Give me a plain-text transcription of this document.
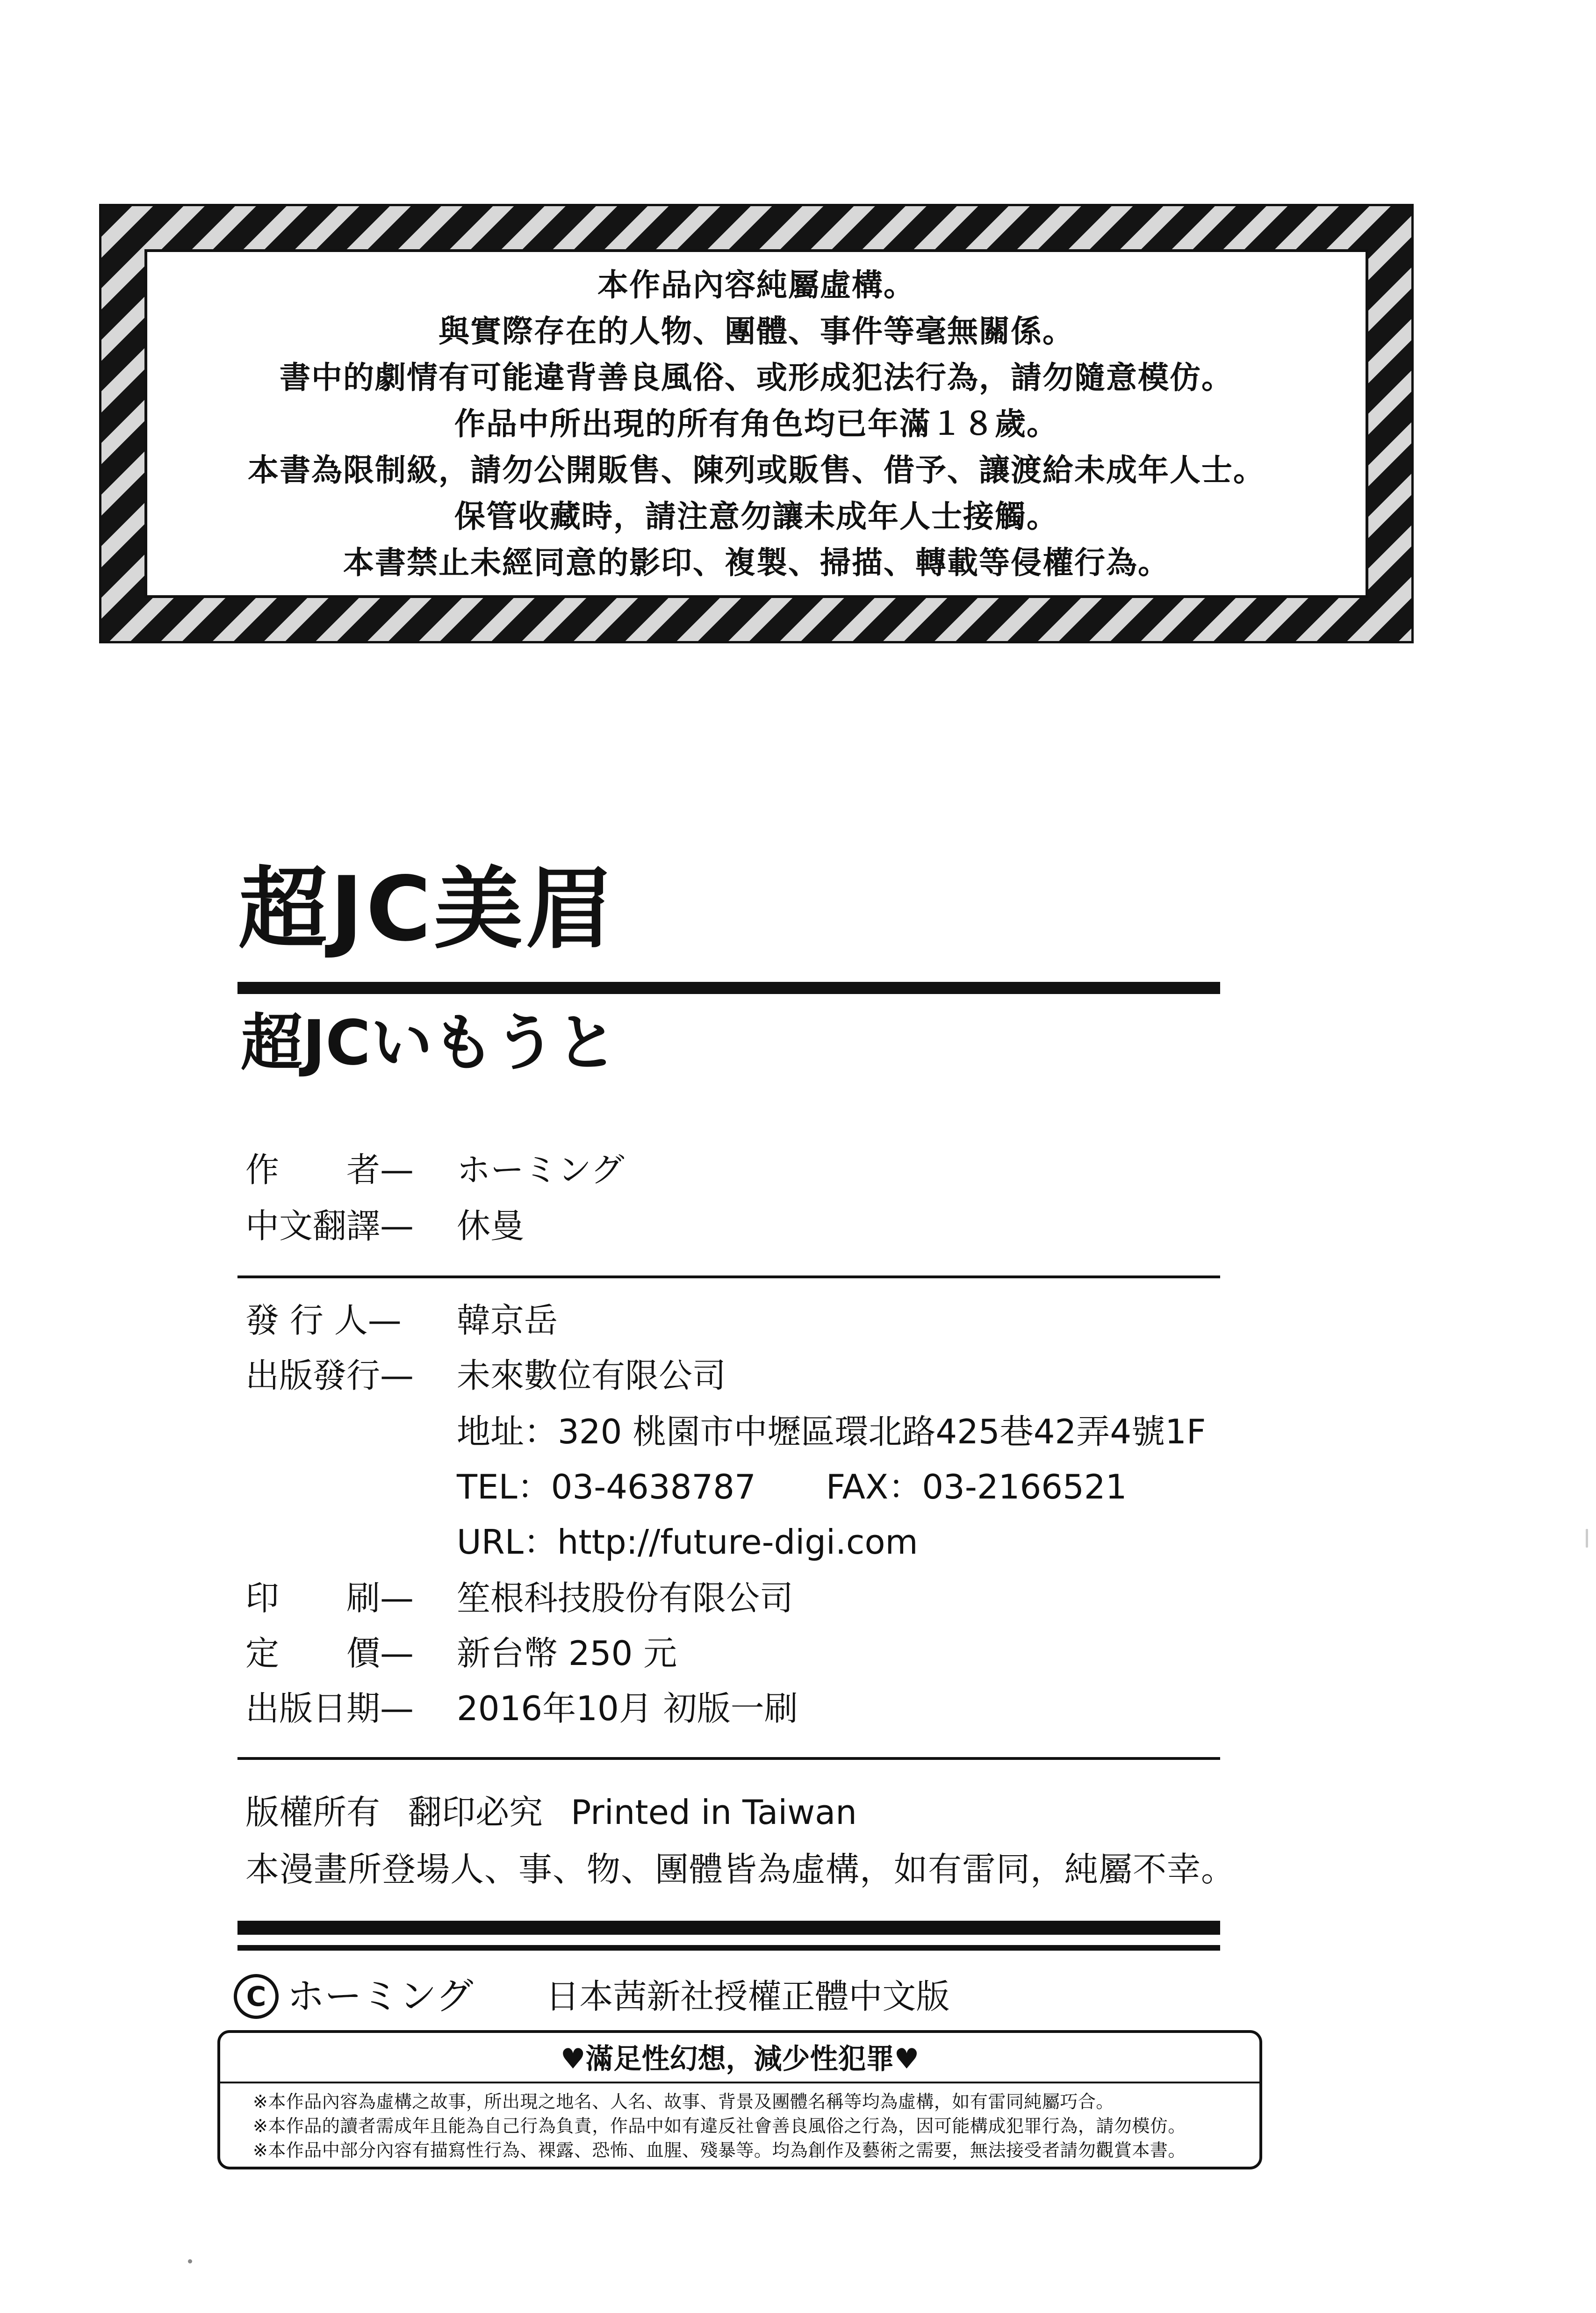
本作品內容純屬虛構。
與實際存在的人物、團體、事件等毫無關係。
書中的劇情有可能違背善良風俗、或形成犯法行為，請勿隨意模仿。
作品中所出現的所有角色均已年滿１８歲。
本書為限制級，請勿公開販售、陳列或販售、借予、讓渡給未成年人士。
保管收藏時，請注意勿讓未成年人士接觸。
本書禁止未經同意的影印、複製、掃描、轉載等侵權行為。
超JC美眉
超JCいもうと
作　　者—	ホーミング
中文翻譯—	休曼
發 行 人—	韓京岳
出版發行—	未來數位有限公司
地址：320 桃園市中壢區環北路425巷42弄4號1F
TEL：03-4638787 FAX：03-2166521
URL：http://future-digi.com
印　　刷—	笙根科技股份有限公司
定　　價—	新台幣 250 元
出版日期—	2016年10月 初版一刷
版權所有 翻印必究 Printed in Taiwan
本漫畫所登場人、事、物、團體皆為虛構，如有雷同，純屬不幸。
C ホーミング 日本茜新社授權正體中文版
♥滿足性幻想，減少性犯罪♥
※本作品內容為虛構之故事，所出現之地名、人名、故事、背景及團體名稱等均為虛構，如有雷同純屬巧合。
※本作品的讀者需成年且能為自己行為負責，作品中如有違反社會善良風俗之行為，因可能構成犯罪行為，請勿模仿。
※本作品中部分內容有描寫性行為、裸露、恐怖、血腥、殘暴等。均為創作及藝術之需要，無法接受者請勿觀賞本書。
